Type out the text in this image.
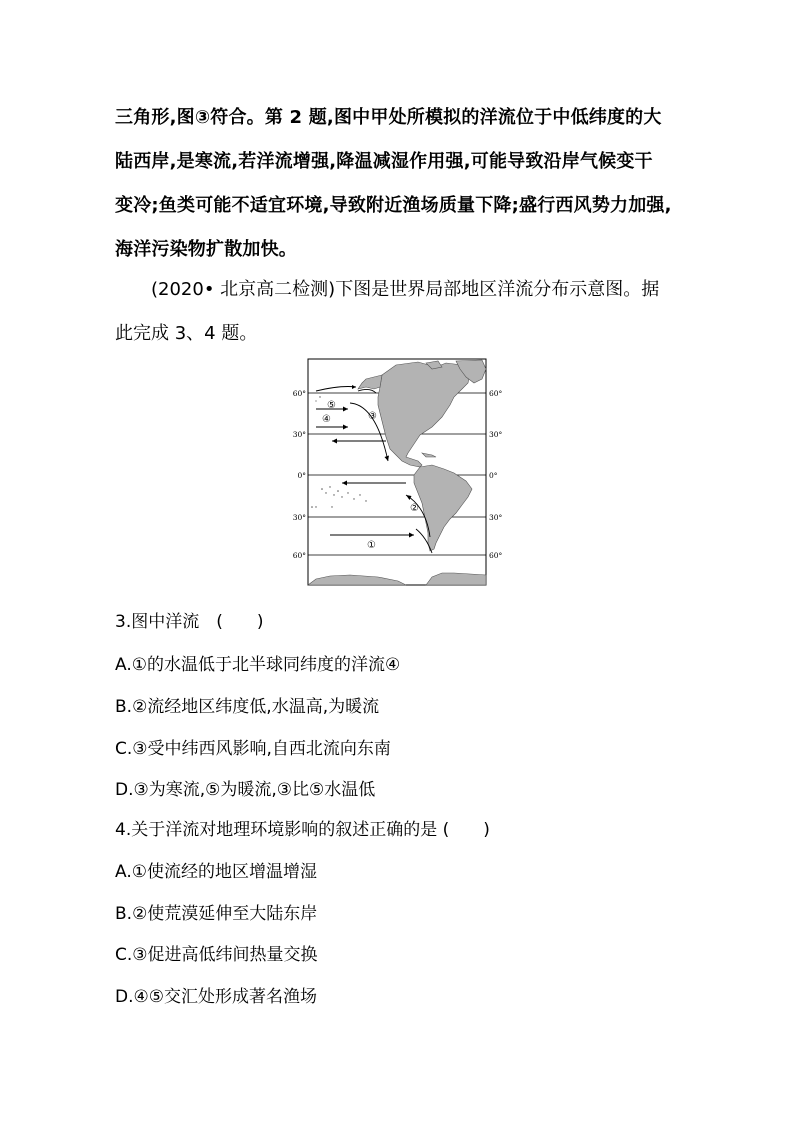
三角形,图③符合。第 2 题,图中甲处所模拟的洋流位于中低纬度的大
陆西岸,是寒流,若洋流增强,降温减湿作用强,可能导致沿岸气候变干
变冷;鱼类可能不适宜环境,导致附近渔场质量下降;盛行西风势力加强,
海洋污染物扩散加快。
(2020• 北京高二检测)下图是世界局部地区洋流分布示意图。据
此完成 3、4 题。
60°
30°
0°
30°
60°
60°
30°
0°
30°
60°
①
②
③
④
⑤
3.图中洋流　(　　)
A.①的水温低于北半球同纬度的洋流④
B.②流经地区纬度低,水温高,为暖流
C.③受中纬西风影响,自西北流向东南
D.③为寒流,⑤为暖流,③比⑤水温低
4.关于洋流对地理环境影响的叙述正确的是 (　　)
A.①使流经的地区增温增湿
B.②使荒漠延伸至大陆东岸
C.③促进高低纬间热量交换
D.④⑤交汇处形成著名渔场
